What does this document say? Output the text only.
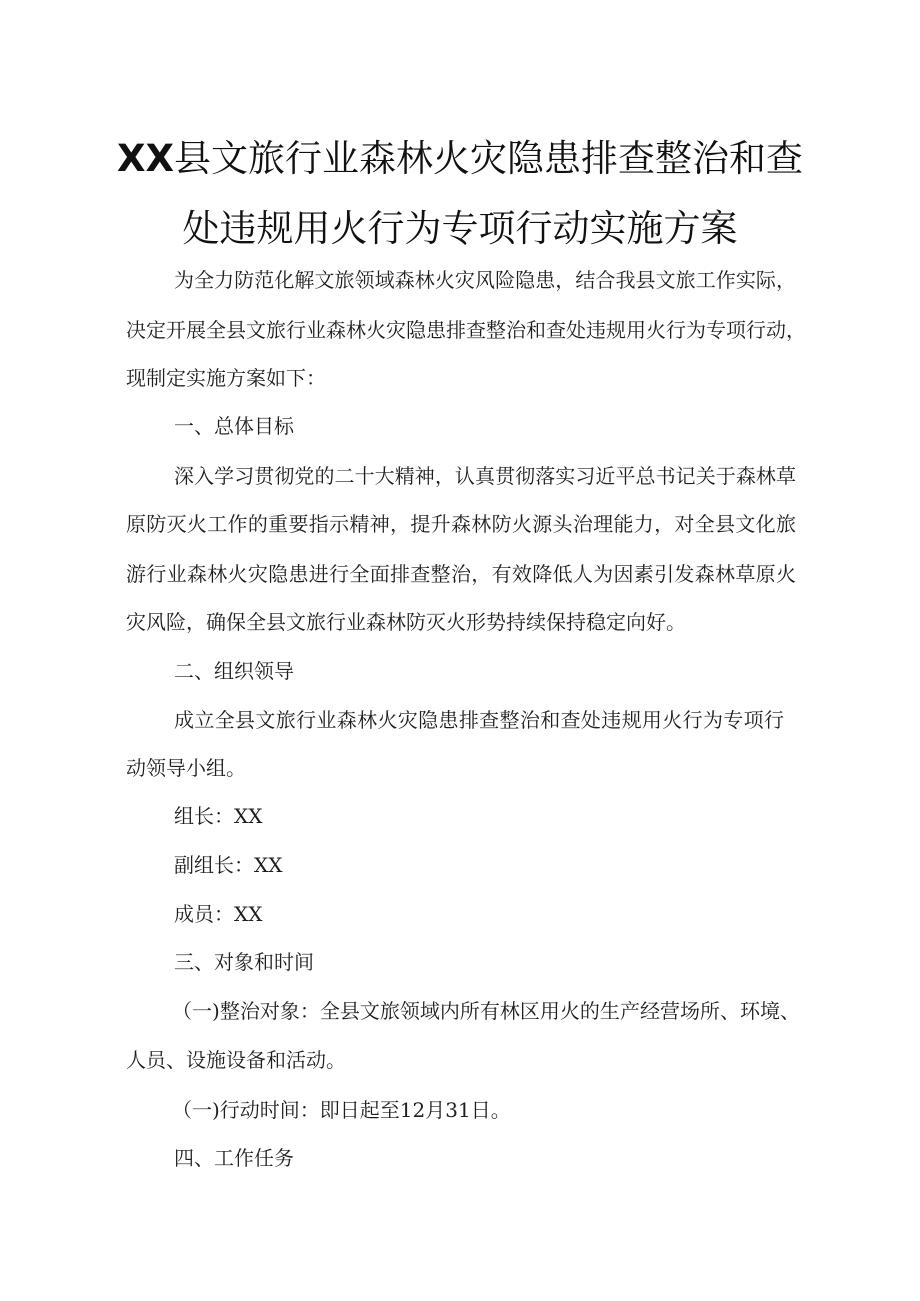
XX县文旅行业森林火灾隐患排查整治和查
处违规用火行为专项行动实施方案
为全力防范化解文旅领域森林火灾风险隐患，结合我县文旅工作实际，
决定开展全县文旅行业森林火灾隐患排查整治和查处违规用火行为专项行动，
现制定实施方案如下：
一、总体目标
深入学习贯彻党的二十大精神，认真贯彻落实习近平总书记关于森林草
原防灭火工作的重要指示精神，提升森林防火源头治理能力，对全县文化旅
游行业森林火灾隐患进行全面排查整治，有效降低人为因素引发森林草原火
灾风险，确保全县文旅行业森林防灭火形势持续保持稳定向好。
二、组织领导
成立全县文旅行业森林火灾隐患排查整治和查处违规用火行为专项行
动领导小组。
组长：XX
副组长：XX
成员：XX
三、对象和时间
（一)整治对象：全县文旅领域内所有林区用火的生产经营场所、环境、
人员、设施设备和活动。
（一)行动时间：即日起至12月31日。
四、工作任务
